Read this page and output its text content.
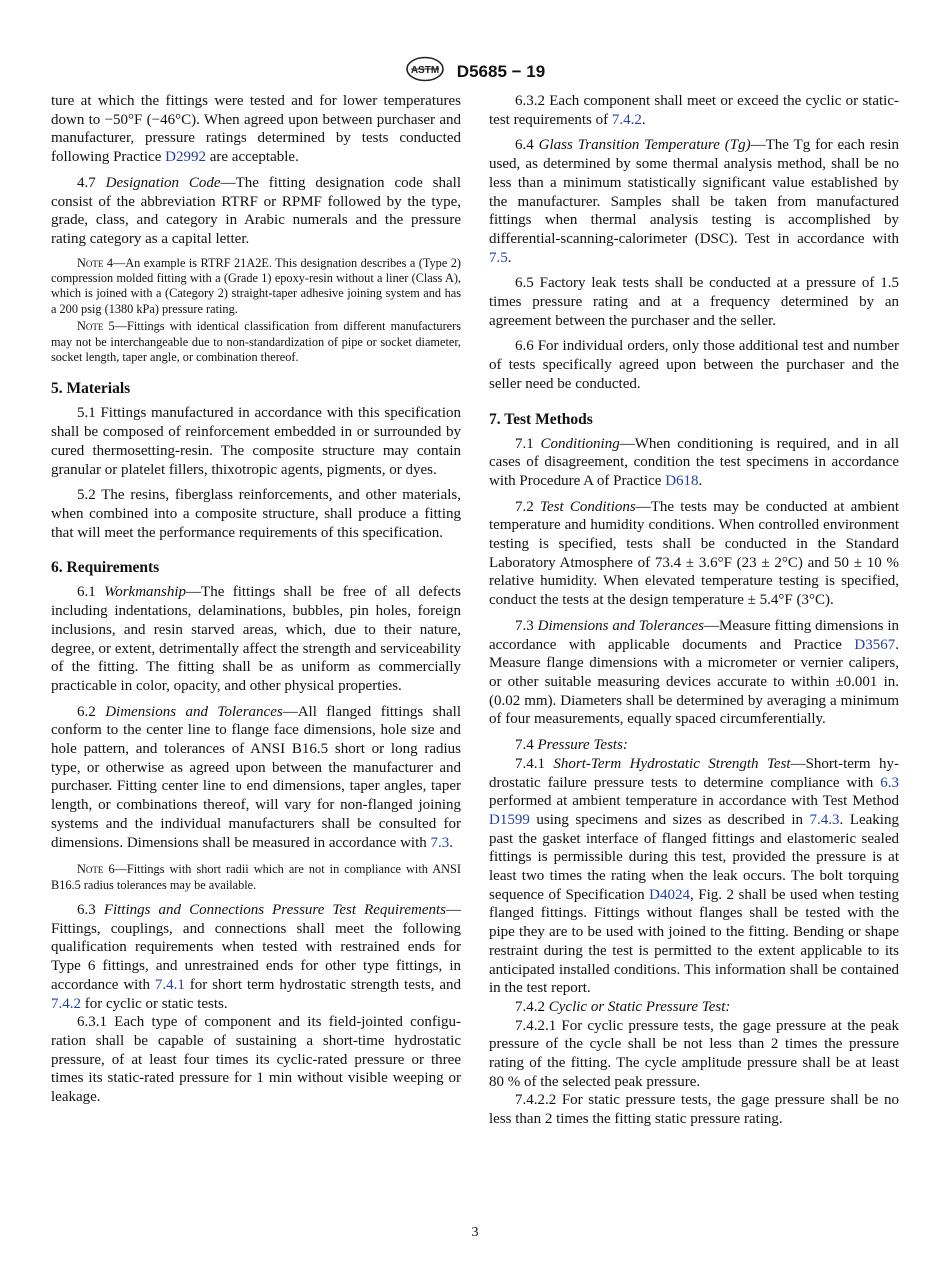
ASTM D5685 − 19

ture at which the fittings were tested and for lower temperatures down to −50°F (−46°C). When agreed upon between purchaser and manufacturer, pressure ratings determined by tests conducted following Practice D2992 are acceptable.

4.7 Designation Code—The fitting designation code shall consist of the abbreviation RTRF or RPMF followed by the type, grade, class, and category in Arabic numerals and the pressure rating category as a capital letter.

Note 4—An example is RTRF 21A2E. This designation describes a (Type 2) compression molded fitting with a (Grade 1) epoxy-resin without a liner (Class A), which is joined with a (Category 2) straight-taper adhesive joining system and has a 200 psig (1380 kPa) pressure rating.

Note 5—Fittings with identical classification from different manufacturers may not be interchangeable due to non-standardization of pipe or socket diameter, socket length, taper angle, or combination thereof.

5. Materials

5.1 Fittings manufactured in accordance with this specification shall be composed of reinforcement embedded in or surrounded by cured thermosetting-resin. The composite structure may contain granular or platelet fillers, thixotropic agents, pigments, or dyes.

5.2 The resins, fiberglass reinforcements, and other materials, when combined into a composite structure, shall produce a fitting that will meet the performance requirements of this specification.

6. Requirements

6.1 Workmanship—The fittings shall be free of all defects including indentations, delaminations, bubbles, pin holes, foreign inclusions, and resin starved areas, which, due to their nature, degree, or extent, detrimentally affect the strength and serviceability of the fitting. The fitting shall be as uniform as commercially practicable in color, opacity, and other physical properties.

6.2 Dimensions and Tolerances—All flanged fittings shall conform to the center line to flange face dimensions, hole size and hole pattern, and tolerances of ANSI B16.5 short or long radius type, or otherwise as agreed upon between the manufacturer and purchaser. Fitting center line to end dimensions, taper angles, taper length, or combinations thereof, will vary for non-flanged joining systems and the individual manufacturers shall be consulted for dimensions. Dimensions shall be measured in accordance with 7.3.

Note 6—Fittings with short radii which are not in compliance with ANSI B16.5 radius tolerances may be available.

6.3 Fittings and Connections Pressure Test Requirements— Fittings, couplings, and connections shall meet the following qualification requirements when tested with restrained ends for Type 6 fittings, and unrestrained ends for other type fittings, in accordance with 7.4.1 for short term hydrostatic strength tests, and 7.4.2 for cyclic or static tests.

6.3.1 Each type of component and its field-jointed configuration shall be capable of sustaining a short-time hydrostatic pressure, of at least four times its cyclic-rated pressure or three times its static-rated pressure for 1 min without visible weeping or leakage.

6.3.2 Each component shall meet or exceed the cyclic or static-test requirements of 7.4.2.

6.4 Glass Transition Temperature (Tg)—The Tg for each resin used, as determined by some thermal analysis method, shall be no less than a minimum statistically significant value established by the manufacturer. Samples shall be taken from manufactured fittings when thermal analysis testing is accomplished by differential-scanning-calorimeter (DSC). Test in accordance with 7.5.

6.5 Factory leak tests shall be conducted at a pressure of 1.5 times pressure rating and at a frequency determined by an agreement between the purchaser and the seller.

6.6 For individual orders, only those additional test and number of tests specifically agreed upon between the purchaser and the seller need be conducted.

7. Test Methods

7.1 Conditioning—When conditioning is required, and in all cases of disagreement, condition the test specimens in accordance with Procedure A of Practice D618.

7.2 Test Conditions—The tests may be conducted at ambient temperature and humidity conditions. When controlled environment testing is specified, tests shall be conducted in the Standard Laboratory Atmosphere of 73.4 ± 3.6°F (23 ± 2°C) and 50 ± 10 % relative humidity. When elevated temperature testing is specified, conduct the tests at the design temperature ± 5.4°F (3°C).

7.3 Dimensions and Tolerances—Measure fitting dimensions in accordance with applicable documents and Practice D3567. Measure flange dimensions with a micrometer or vernier calipers, or other suitable measuring devices accurate to within ±0.001 in. (0.02 mm). Diameters shall be determined by averaging a minimum of four measurements, equally spaced circumferentially.

7.4 Pressure Tests:

7.4.1 Short-Term Hydrostatic Strength Test—Short-term hydrostatic failure pressure tests to determine compliance with 6.3 performed at ambient temperature in accordance with Test Method D1599 using specimens and sizes as described in 7.4.3. Leaking past the gasket interface of flanged fittings and elastomeric sealed fittings is permissible during this test, provided the pressure is at least two times the rating when the leak occurs. The bolt torquing sequence of Specification D4024, Fig. 2 shall be used when testing flanged fittings. Fittings without flanges shall be tested with the pipe they are to be used with joined to the fitting. Bending or shape restraint during the test is permitted to the extent applicable to its anticipated installed conditions. This information shall be contained in the test report.

7.4.2 Cyclic or Static Pressure Test:

7.4.2.1 For cyclic pressure tests, the gage pressure at the peak pressure of the cycle shall be not less than 2 times the pressure rating of the fitting. The cycle amplitude pressure shall be at least 80 % of the selected peak pressure.

7.4.2.2 For static pressure tests, the gage pressure shall be no less than 2 times the fitting static pressure rating.

3
